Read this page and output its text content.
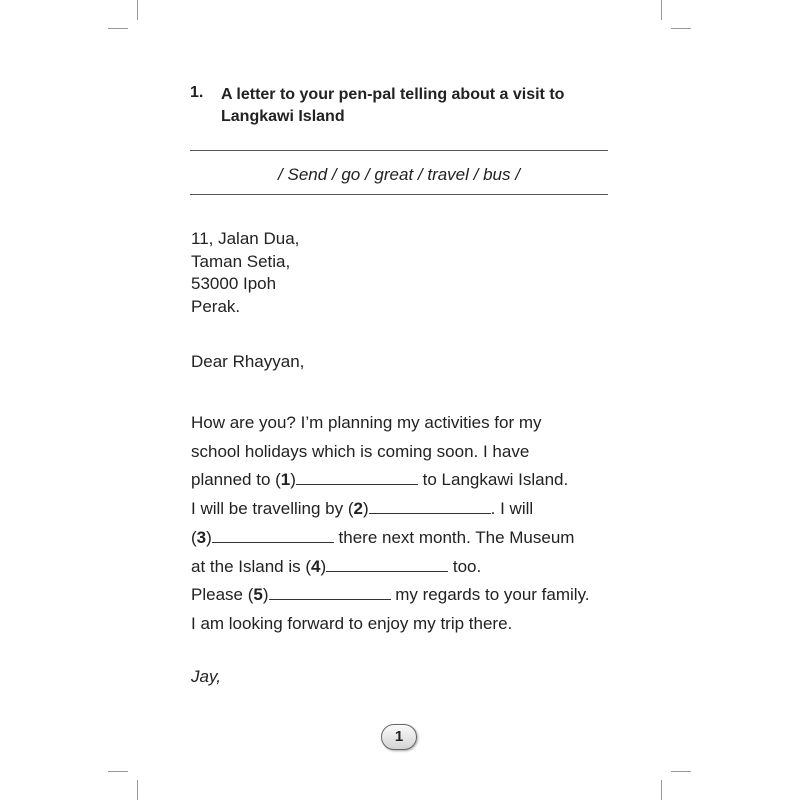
1. A letter to your pen-pal telling about a visit to Langkawi Island
/ Send / go / great / travel / bus /
11, Jalan Dua,
Taman Setia,
53000 Ipoh
Perak.
Dear Rhayyan,
How are you? I’m planning my activities for my
school holidays which is coming soon. I have
planned to (1)	to Langkawi Island.
I will be travelling by (2)	. I will
(3)	there next month. The Museum
at the Island is (4)	too.
Please (5)	my regards to your family.
I am looking forward to enjoy my trip there.
Jay,
1
